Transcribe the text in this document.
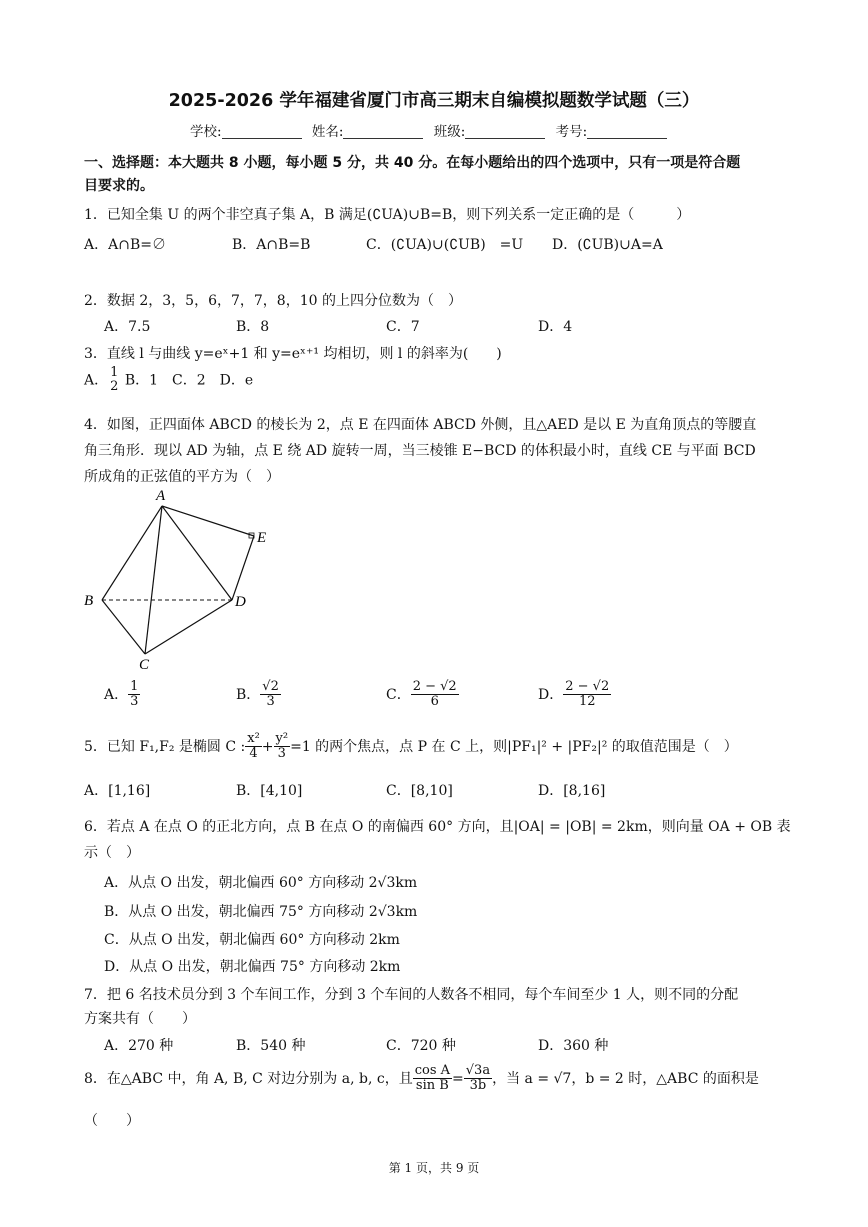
2025-2026 学年福建省厦门市高三期末自编模拟题数学试题（三）
学校:	姓名:	班级:	考号:
一、选择题：本大题共 8 小题，每小题 5 分，共 40 分。在每小题给出的四个选项中，只有一项是符合题
目要求的。
1．已知全集 U 的两个非空真子集 A，B 满足(∁UA)∪B=B，则下列关系一定正确的是（　　　）
A．A∩B=∅	B．A∩B=B	C．(∁UA)∪(∁UB)　=U D．(∁UB)∪A=A
2．数据 2，3，5，6，7，7，8，10 的上四分位数为（　）
A．7.5	B．8	C．7	D．4
3．直线 l 与曲线 y=eˣ+1 和 y=eˣ⁺¹ 均相切，则 l 的斜率为(　　)
A． 1
2 B．1　C．2　D．e
4．如图，正四面体 ABCD 的棱长为 2，点 E 在四面体 ABCD 外侧，且△AED 是以 E 为直角顶点的等腰直
角三角形．现以 AD 为轴，点 E 绕 AD 旋转一周，当三棱锥 E−BCD 的体积最小时，直线 CE 与平面 BCD
所成角的正弦值的平方为（　）
A
B
C
D
E
A． $\frac{1}{3}$	B． $\frac{√2}{3}$	C． $\frac{2 - √2}{6}$	D． $\frac{2 - √2}{12}$
5．已知 F₁,F₂ 是椭圆 C : $\frac{\text{x²}}{4} + \frac{\text{y²}}{3} =1$ 的两个焦点，点 P 在 C 上，则|PF₁|² + |PF₂|² 的取值范围是（　）
A．[1,16]	B．[4,10]	C．[8,10]	D．[8,16]
6．若点 A 在点 O 的正北方向，点 B 在点 O 的南偏西 60° 方向，且|OA| = |OB| = 2km，则向量 OA + OB 表
示（　）
A．从点 O 出发，朝北偏西 60° 方向移动 2√3km
B．从点 O 出发，朝北偏西 75° 方向移动 2√3km
C．从点 O 出发，朝北偏西 60° 方向移动 2km
D．从点 O 出发，朝北偏西 75° 方向移动 2km
7．把 6 名技术员分到 3 个车间工作，分到 3 个车间的人数各不相同，每个车间至少 1 人，则不同的分配
方案共有（　　）
A．270 种	B．540 种	C．720 种	D．360 种
8．在△ABC 中，角 A, B, C 对边分别为 a, b, c，且 $\frac{\text{cos A}}{\text{sin B}} = \frac{√3a}{3b}$ ，当 a = √7，b = 2 时，△ABC 的面积是
（　　）
第 1 页，共 9 页
